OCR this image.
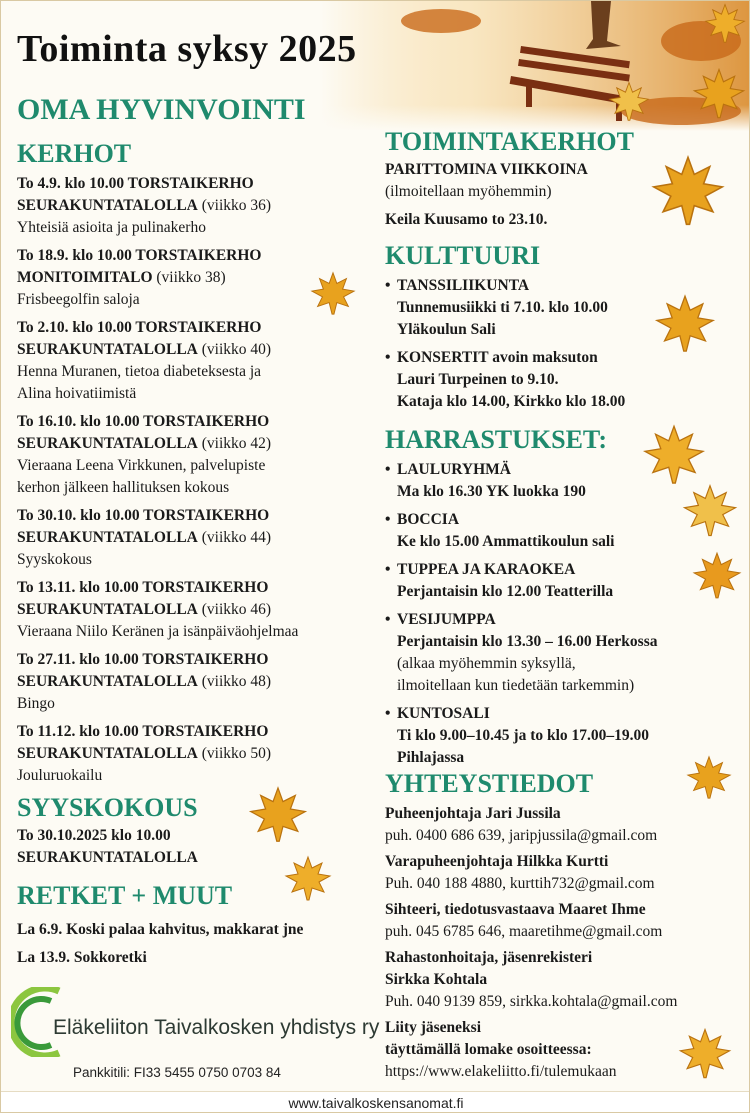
Toiminta syksy 2025
OMA HYVINVOINTI
KERHOT
To 4.9. klo 10.00 TORSTAIKERHO
SEURAKUNTATALOLLA (viikko 36)
Yhteisiä asioita ja pulinakerho
To 18.9. klo 10.00 TORSTAIKERHO
MONITOIMITALO (viikko 38)
Frisbeegolfin saloja
To 2.10. klo 10.00 TORSTAIKERHO
SEURAKUNTATALOLLA (viikko 40)
Henna Muranen, tietoa diabeteksesta ja
Alina hoivatiimistä
To 16.10. klo 10.00 TORSTAIKERHO
SEURAKUNTATALOLLA (viikko 42)
Vieraana Leena Virkkunen, palvelupiste
kerhon jälkeen hallituksen kokous
To 30.10. klo 10.00 TORSTAIKERHO
SEURAKUNTATALOLLA (viikko 44)
Syyskokous
To 13.11. klo 10.00 TORSTAIKERHO
SEURAKUNTATALOLLA (viikko 46)
Vieraana Niilo Keränen ja isänpäiväohjelmaa
To 27.11. klo 10.00 TORSTAIKERHO
SEURAKUNTATALOLLA (viikko 48)
Bingo
To 11.12. klo 10.00 TORSTAIKERHO
SEURAKUNTATALOLLA (viikko 50)
Jouluruokailu
SYYSKOKOUS
To 30.10.2025 klo 10.00
SEURAKUNTATALOLLA
RETKET + MUUT
La 6.9. Koski palaa kahvitus, makkarat jne
La 13.9. Sokkoretki
Eläkeliiton Taivalkosken yhdistys ry
Pankkitili: FI33 5455 0750 0703 84
TOIMINTAKERHOT
PARITTOMINA VIIKKOINA
(ilmoitellaan myöhemmin)
Keila Kuusamo to 23.10.
KULTTUURI
• TANSSILIIKUNTA
Tunnemusiikki ti 7.10. klo 10.00
Yläkoulun Sali
• KONSERTIT avoin maksuton
Lauri Turpeinen to 9.10.
Kataja klo 14.00, Kirkko klo 18.00
HARRASTUKSET:
• LAULURYHMÄ
Ma klo 16.30 YK luokka 190
• BOCCIA
Ke klo 15.00 Ammattikoulun sali
• TUPPEA JA KARAOKEA
Perjantaisin klo 12.00 Teatterilla
• VESIJUMPPA
Perjantaisin klo 13.30 – 16.00 Herkossa
(alkaa myöhemmin syksyllä,
ilmoitellaan kun tiedetään tarkemmin)
• KUNTOSALI
Ti klo 9.00–10.45 ja to klo 17.00–19.00
Pihlajassa
YHTEYSTIEDOT
Puheenjohtaja Jari Jussila
puh. 0400 686 639, jaripjussila@gmail.com
Varapuheenjohtaja Hilkka Kurtti
Puh. 040 188 4880, kurttih732@gmail.com
Sihteeri, tiedotusvastaava Maaret Ihme
puh. 045 6785 646, maaretihme@gmail.com
Rahastonhoitaja, jäsenrekisteri
Sirkka Kohtala
Puh. 040 9139 859, sirkka.kohtala@gmail.com
Liity jäseneksi
täyttämällä lomake osoitteessa:
https://www.elakeliitto.fi/tulemukaan
www.taivalkoskensanomat.fi
